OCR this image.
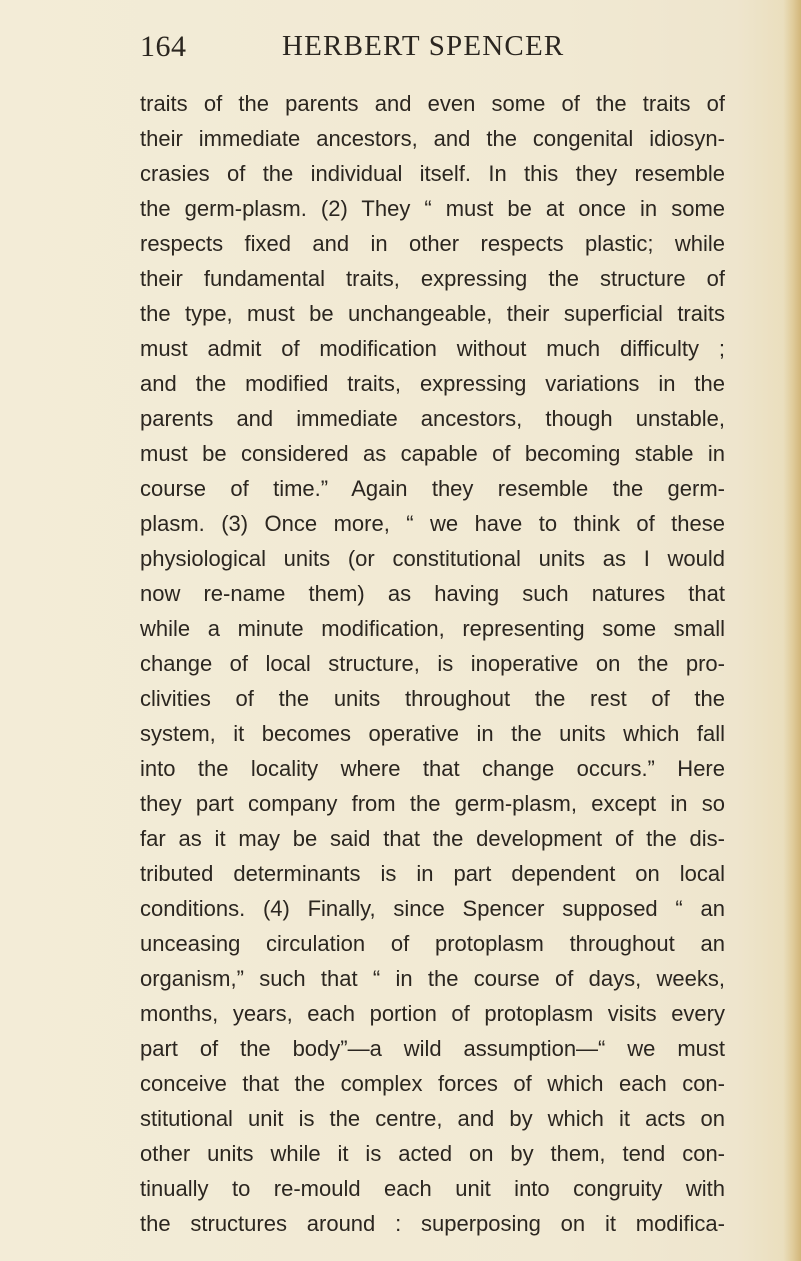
164	HERBERT SPENCER
traits of the parents and even some of the traits of
their immediate ancestors, and the congenital idiosyn-
crasies of the individual itself. In this they resemble
the germ-plasm. (2) They “ must be at once in some
respects fixed and in other respects plastic; while
their fundamental traits, expressing the structure of
the type, must be unchangeable, their superficial traits
must admit of modification without much difficulty ;
and the modified traits, expressing variations in the
parents and immediate ancestors, though unstable,
must be considered as capable of becoming stable in
course of time.” Again they resemble the germ-
plasm. (3) Once more, “ we have to think of these
physiological units (or constitutional units as I would
now re-name them) as having such natures that
while a minute modification, representing some small
change of local structure, is inoperative on the pro-
clivities of the units throughout the rest of the
system, it becomes operative in the units which fall
into the locality where that change occurs.” Here
they part company from the germ-plasm, except in so
far as it may be said that the development of the dis-
tributed determinants is in part dependent on local
conditions. (4) Finally, since Spencer supposed “ an
unceasing circulation of protoplasm throughout an
organism,” such that “ in the course of days, weeks,
months, years, each portion of protoplasm visits every
part of the body”—a wild assumption—“ we must
conceive that the complex forces of which each con-
stitutional unit is the centre, and by which it acts on
other units while it is acted on by them, tend con-
tinually to re-mould each unit into congruity with
the structures around : superposing on it modifica-
